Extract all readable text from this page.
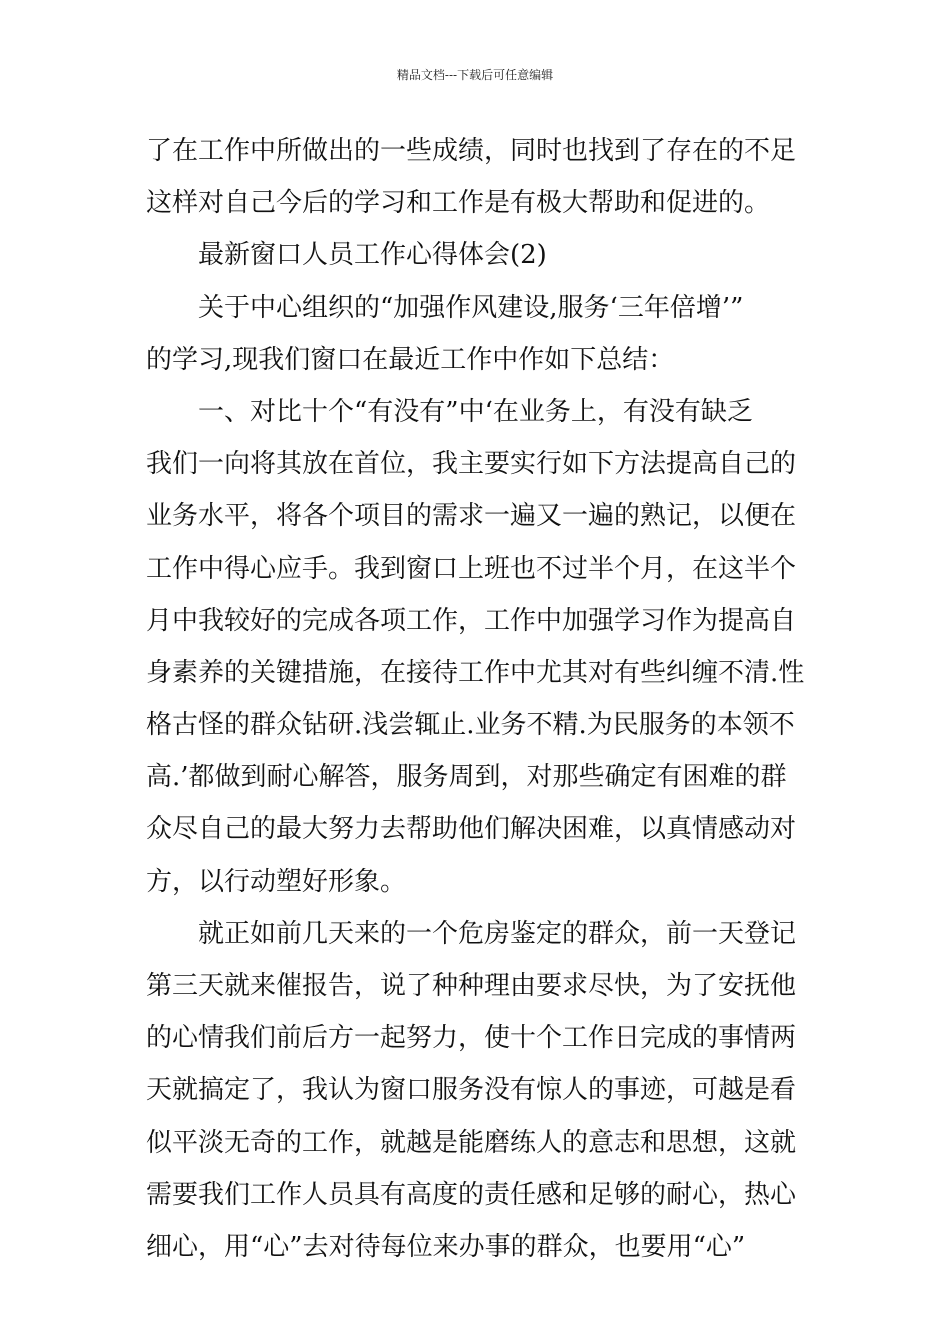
精品文档---下载后可任意编辑
了在工作中所做出的一些成绩，同时也找到了存在的不足
这样对自己今后的学习和工作是有极大帮助和促进的。
最新窗口人员工作心得体会(2)
关于中心组织的“加强作风建设,服务‘三年倍增’”
的学习,现我们窗口在最近工作中作如下总结：
一、对比十个“有没有”中‘在业务上，有没有缺乏
我们一向将其放在首位，我主要实行如下方法提高自己的
业务水平，将各个项目的需求一遍又一遍的熟记，以便在
工作中得心应手。我到窗口上班也不过半个月，在这半个
月中我较好的完成各项工作，工作中加强学习作为提高自
身素养的关键措施，在接待工作中尤其对有些纠缠不清.性
格古怪的群众钻研.浅尝辄止.业务不精.为民服务的本领不
高.’都做到耐心解答，服务周到，对那些确定有困难的群
众尽自己的最大努力去帮助他们解决困难，以真情感动对
方，以行动塑好形象。
就正如前几天来的一个危房鉴定的群众，前一天登记
第三天就来催报告，说了种种理由要求尽快，为了安抚他
的心情我们前后方一起努力，使十个工作日完成的事情两
天就搞定了，我认为窗口服务没有惊人的事迹，可越是看
似平淡无奇的工作，就越是能磨练人的意志和思想，这就
需要我们工作人员具有高度的责任感和足够的耐心，热心
细心，用“心”去对待每位来办事的群众，也要用“心”
